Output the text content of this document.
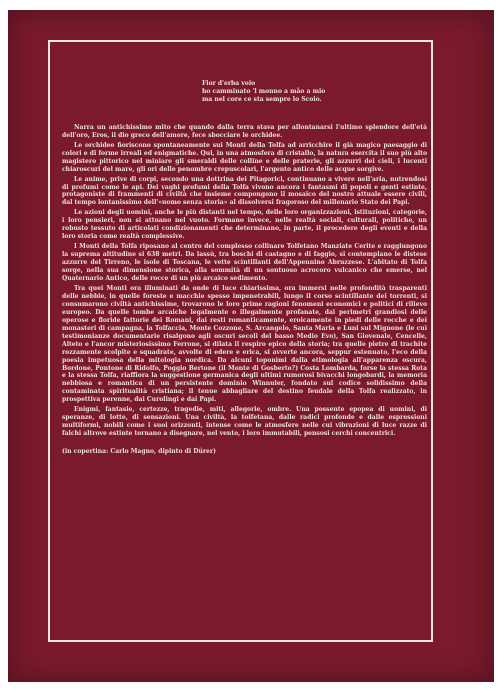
Fior d'erba voio
ho camminato 'l monno a mão a mio
ma nel core ce sta sempre lo Scoio.

Narra un antichissimo mito che quando dalla terra stava per allontanarsi l'ultimo splendore dell'età dell'oro, Eros, il dio greco dell'amore, fece sbocciare le orchidee.

Le orchidee fioriscono spontaneamente sui Monti della Tolfa ad arricchire il già magico paesaggio di colori e di forme irreali ed enigmatiche. Qui, in una atmosfera di cristallo, la natura esercita il suo più alto magistero pittorico nel miniare gli smeraldi delle colline e delle praterie, gli azzurri dei cieli, i lucenti chiaroscuri del mare, gli ori delle penombre crepuscolari, l'argento antico delle acque sorgive.

Le anime, prive di corpi, secondo una dottrina dei Pitagorici, continuano a vivere nell'aria, nutrendosi di profumi come le api. Dei vaghi profumi della Tolfa vivono ancora i fantasmi di popoli e genti estinte, protagoniste di frammenti di civiltà che insieme compongono il mosaico del nostro attuale essere civili, dal tempo lontanissimo dell'«uomo senza storia» al dissolversi fragoroso del millenario Stato dei Papi.

Le azioni degli uomini, anche le più distanti nel tempo, delle loro organizzazioni, istituzioni, categorie, i loro pensieri, non si attuano nel vuoto. Formano invece, nelle realtà sociali, culturali, politiche, un robusto tessuto di articolati condizionamenti che determinano, in parte, il procedere degli eventi e della loro storia come realtà complessive.

I Monti della Tolfa riposano al centro del complesso collinare Tolfetano Manziate Cerite e raggiungono la suprema altitudine si 638 metri. Da lassù, tra boschi di castagno e di faggio, si contemplano le distese azzurre del Tirreno, le isole di Toscana, le vette scintillanti dell'Appennino Abruzzese. L'abitato di Tolfa sorge, nella sua dimensione storica, alla sommità di un sontuoso acrocoro vulcanico che emerse, nel Quaternario Antico, delle rocce di un più arcaico sedimento.

Tra quei Monti ora illuminati da onde di luce chiarissima, ora immersi nelle profondità trasparenti delle nebbie, in quelle foreste e macchie spesso impenetrabili, lungo il corso scintillante dei torrenti, si consumarono civiltà antichissime, trovarono le loro prime ragioni fenomeni economici e politici di rilievo europeo. Da quelle tombe arcaiche legalmente o illegalmente profanate, dai perimetri grandiosi delle operose e floride fattorie dei Romani, dai resti romanticamente, eroicamente in piedi delle rocche e dei monasteri di campagna, la Tolfaccia, Monte Cozzone, S. Arcangelo, Santa Maria e Luni sul Mignone (le cui testimonianze documentarie risalgono agli oscuri secoli del basso Medio Evo), San Giovenale, Cencelle, Alteto e l'ancor misteriosissimo Ferrone, si dilata il respiro epico della storia; tra quelle pietre di trachite rozzamente scolpite e squadrate, avvolte di edere e erica, si avverte ancora, seppur estenuato, l'eco della poesia impetuosa della mitologia nordica. Da alcuni toponimi dalla etimologia all'apparenza oscura, Bordone, Pontone di Ridolfo, Poggio Bertone (il Monte di Gosberto?) Costa Lombarda, forse la stessa Rota e la stessa Tolfa, riaffiora la suggestione germanica degli ultimi rumorosi bivacchi longobardi, la memoria nebbiosa e romantica di un persistente dominio Winnuler, fondato sul codice solidissimo della contaminata spiritualità cristiana; il tenue abbagliare del destino feudale della Tolfa realizzato, in prospettiva perenne, dai Curolingi e dai Papi.

Enigmi, fantasie, certezze, tragedie, miti, allegorie, ombre. Una possente epopea di uomini, di speranze, di lotte, di sensazioni. Una civiltà, la tolfetana, dalle radici profonde e dalle espressioni multiformi, nobili come i suoi orizzonti, intense come le atmosfere nelle cui vibrazioni di luce razze di falchi altrove estinte tornano a disegnare, nel vento, i loro immutabili, pensosi cerchi concentrici.

(in copertina: Carlo Magno, dipinto di Dürer)
